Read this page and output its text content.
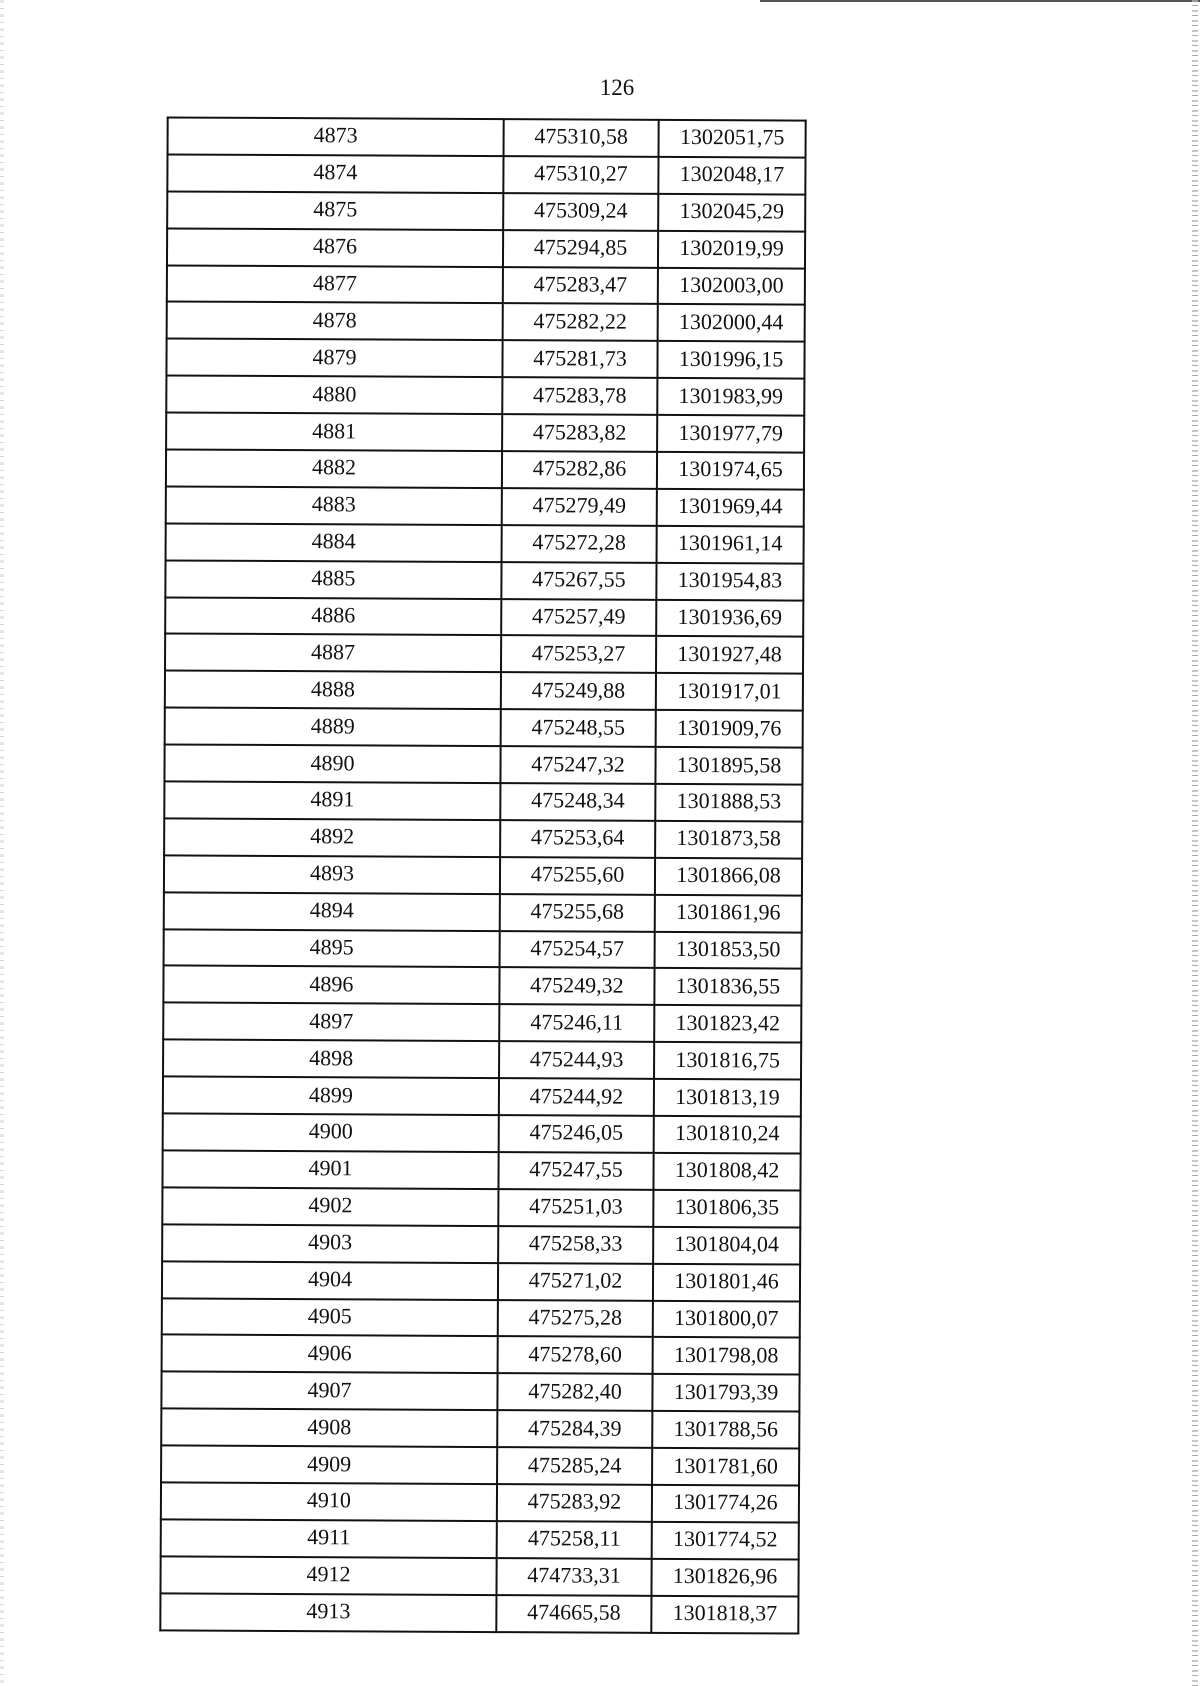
126
4873	475310,58	1302051,75
4874	475310,27	1302048,17
4875	475309,24	1302045,29
4876	475294,85	1302019,99
4877	475283,47	1302003,00
4878	475282,22	1302000,44
4879	475281,73	1301996,15
4880	475283,78	1301983,99
4881	475283,82	1301977,79
4882	475282,86	1301974,65
4883	475279,49	1301969,44
4884	475272,28	1301961,14
4885	475267,55	1301954,83
4886	475257,49	1301936,69
4887	475253,27	1301927,48
4888	475249,88	1301917,01
4889	475248,55	1301909,76
4890	475247,32	1301895,58
4891	475248,34	1301888,53
4892	475253,64	1301873,58
4893	475255,60	1301866,08
4894	475255,68	1301861,96
4895	475254,57	1301853,50
4896	475249,32	1301836,55
4897	475246,11	1301823,42
4898	475244,93	1301816,75
4899	475244,92	1301813,19
4900	475246,05	1301810,24
4901	475247,55	1301808,42
4902	475251,03	1301806,35
4903	475258,33	1301804,04
4904	475271,02	1301801,46
4905	475275,28	1301800,07
4906	475278,60	1301798,08
4907	475282,40	1301793,39
4908	475284,39	1301788,56
4909	475285,24	1301781,60
4910	475283,92	1301774,26
4911	475258,11	1301774,52
4912	474733,31	1301826,96
4913	474665,58	1301818,37
